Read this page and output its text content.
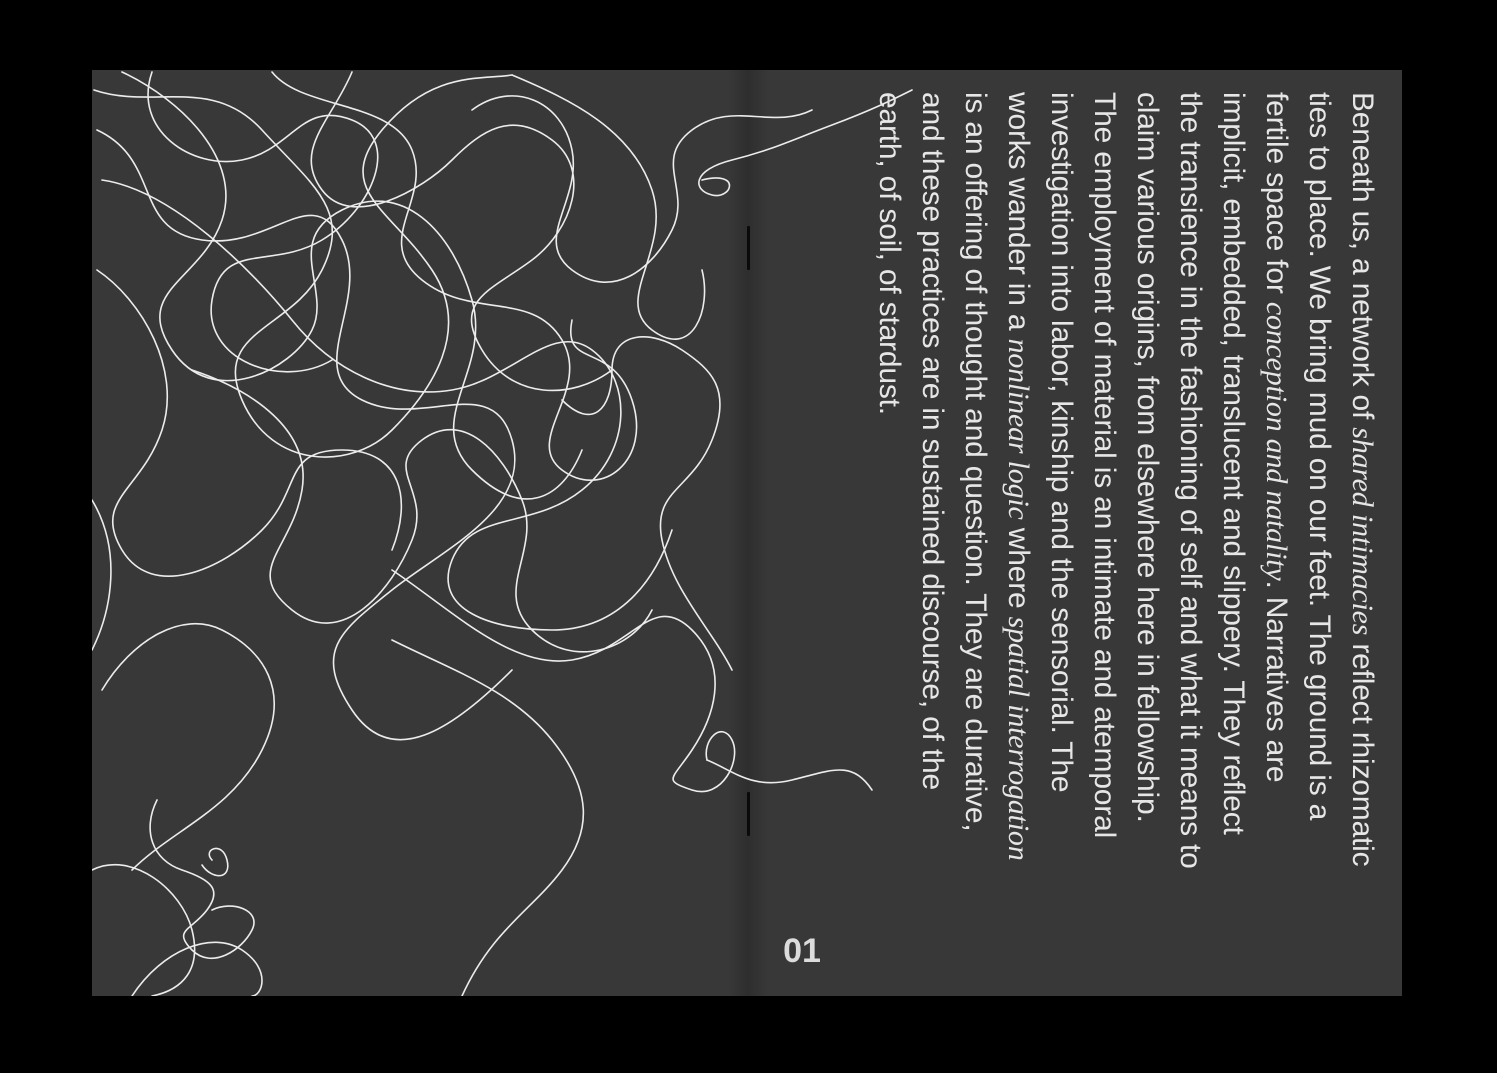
Beneath us, a network of shared intimacies reflect rhizomatic ties to place. We bring mud on our feet. The ground is a fertile space for conception and natality. Narratives are implicit, embedded, translucent and slippery. They reflect the transience in the fashioning of self and what it means to claim various origins, from elsewhere here in fellowship. The employment of material is an intimate and atemporal investigation into labor, kinship and the sensorial. The works wander in a nonlinear logic where spatial interrogation is an offering of thought and question. They are durative, and these practices are in sustained discourse, of the earth, of soil, of stardust.
01
